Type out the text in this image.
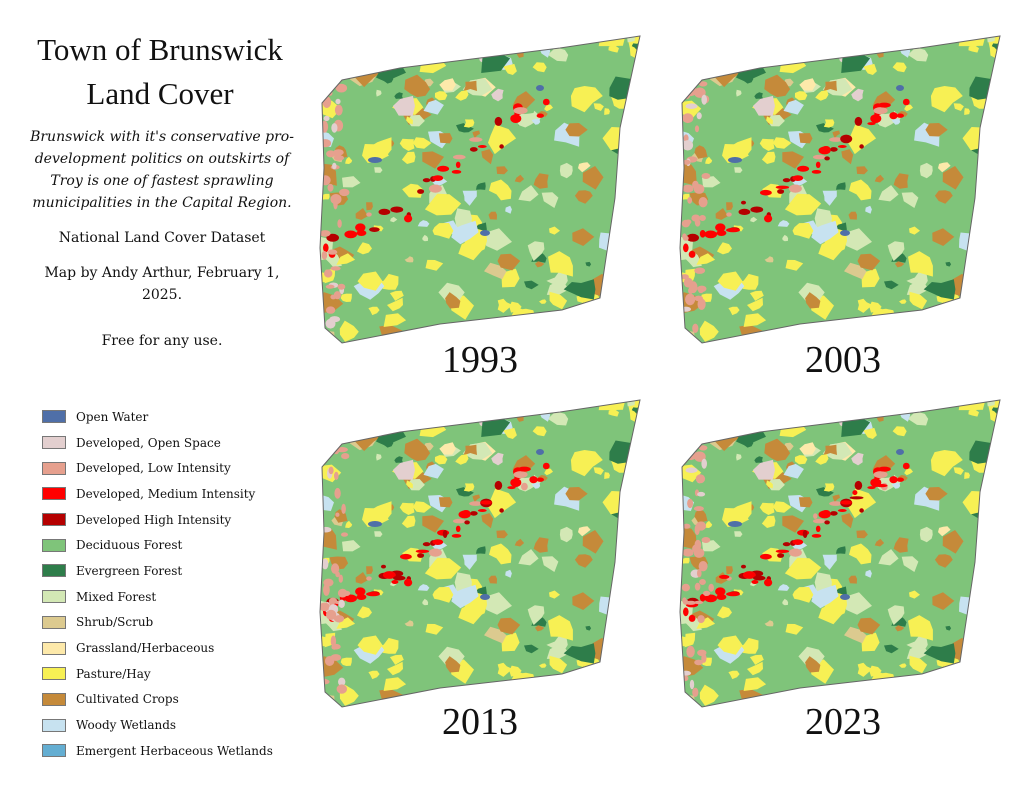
Town of Brunswick
Land Cover
Brunswick with it's conservative pro-development politics on outskirts of Troy is one of fastest sprawling municipalities in the Capital Region.
National Land Cover Dataset
Map by Andy Arthur, February 1, 2025.
Free for any use.
Open Water
Developed, Open Space
Developed, Low Intensity
Developed, Medium Intensity
Developed High Intensity
Deciduous Forest
Evergreen Forest
Mixed Forest
Shrub/Scrub
Grassland/Herbaceous
Pasture/Hay
Cultivated Crops
Woody Wetlands
Emergent Herbaceous Wetlands
1993	2003
2013	2023
